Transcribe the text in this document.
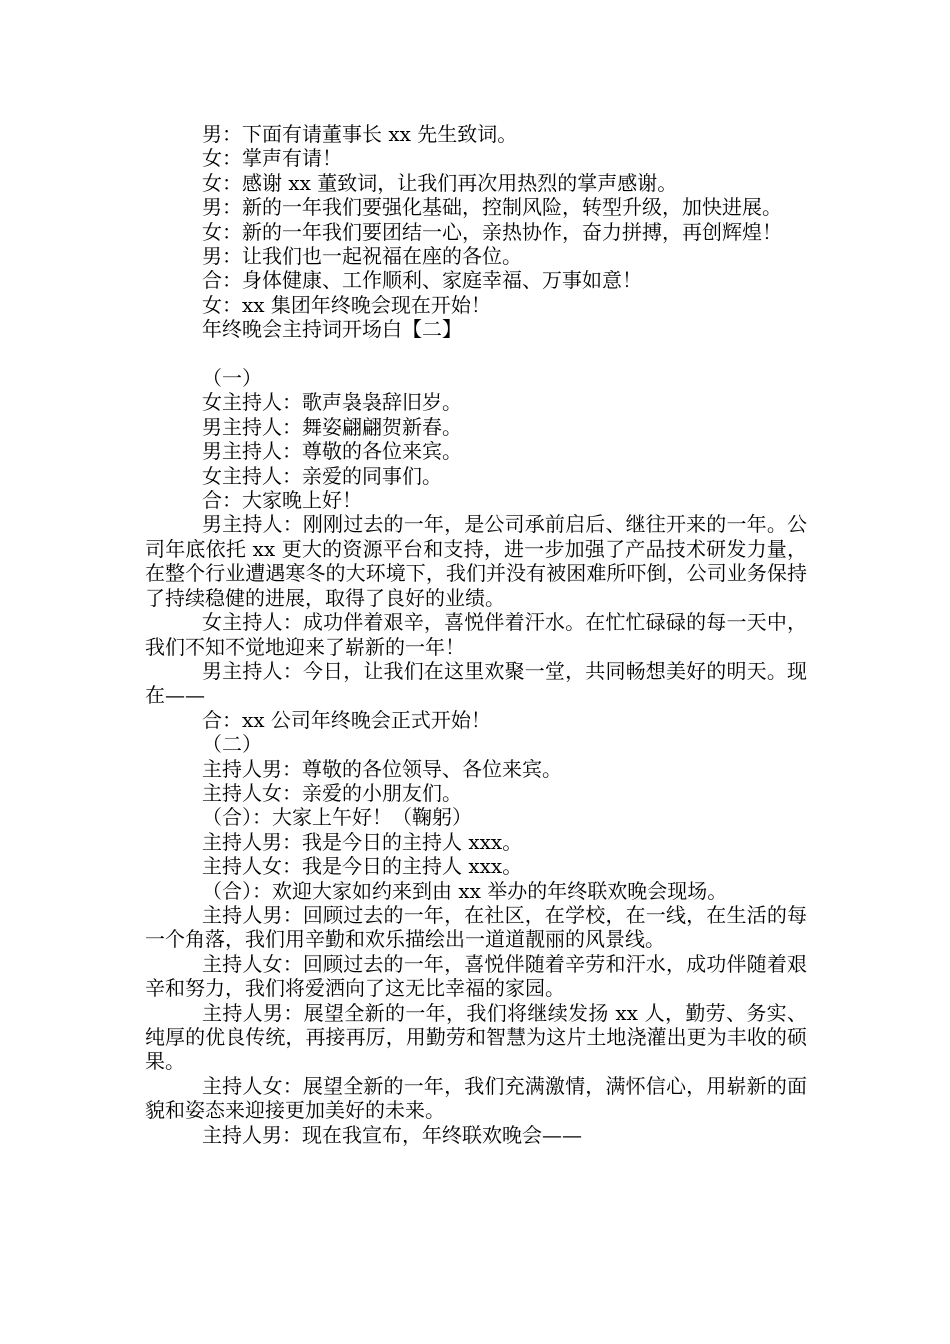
男：下面有请董事长 xx 先生致词。

女：掌声有请！

女：感谢 xx 董致词，让我们再次用热烈的掌声感谢。

男：新的一年我们要强化基础，控制风险，转型升级，加快进展。

女：新的一年我们要团结一心，亲热协作，奋力拼搏，再创辉煌！

男：让我们也一起祝福在座的各位。

合：身体健康、工作顺利、家庭幸福、万事如意！

女：xx 集团年终晚会现在开始！

年终晚会主持词开场白【二】

（一）

女主持人：歌声袅袅辞旧岁。

男主持人：舞姿翩翩贺新春。

男主持人：尊敬的各位来宾。

女主持人：亲爱的同事们。

合：大家晚上好！

男主持人：刚刚过去的一年，是公司承前启后、继往开来的一年。公司年底依托 xx 更大的资源平台和支持，进一步加强了产品技术研发力量，在整个行业遭遇寒冬的大环境下，我们并没有被困难所吓倒，公司业务保持了持续稳健的进展，取得了良好的业绩。

女主持人：成功伴着艰辛，喜悦伴着汗水。在忙忙碌碌的每一天中，我们不知不觉地迎来了崭新的一年！

男主持人：今日，让我们在这里欢聚一堂，共同畅想美好的明天。现在——

合：xx 公司年终晚会正式开始！

（二）

主持人男：尊敬的各位领导、各位来宾。

主持人女：亲爱的小朋友们。

（合）：大家上午好！（鞠躬）

主持人男：我是今日的主持人 xxx。

主持人女：我是今日的主持人 xxx。

（合）：欢迎大家如约来到由 xx 举办的年终联欢晚会现场。

主持人男：回顾过去的一年，在社区，在学校，在一线，在生活的每一个角落，我们用辛勤和欢乐描绘出一道道靓丽的风景线。

主持人女：回顾过去的一年，喜悦伴随着辛劳和汗水，成功伴随着艰辛和努力，我们将爱洒向了这无比幸福的家园。

主持人男：展望全新的一年，我们将继续发扬 xx 人，勤劳、务实、纯厚的优良传统，再接再厉，用勤劳和智慧为这片土地浇灌出更为丰收的硕果。

主持人女：展望全新的一年，我们充满激情，满怀信心，用崭新的面貌和姿态来迎接更加美好的未来。

主持人男：现在我宣布，年终联欢晚会——
